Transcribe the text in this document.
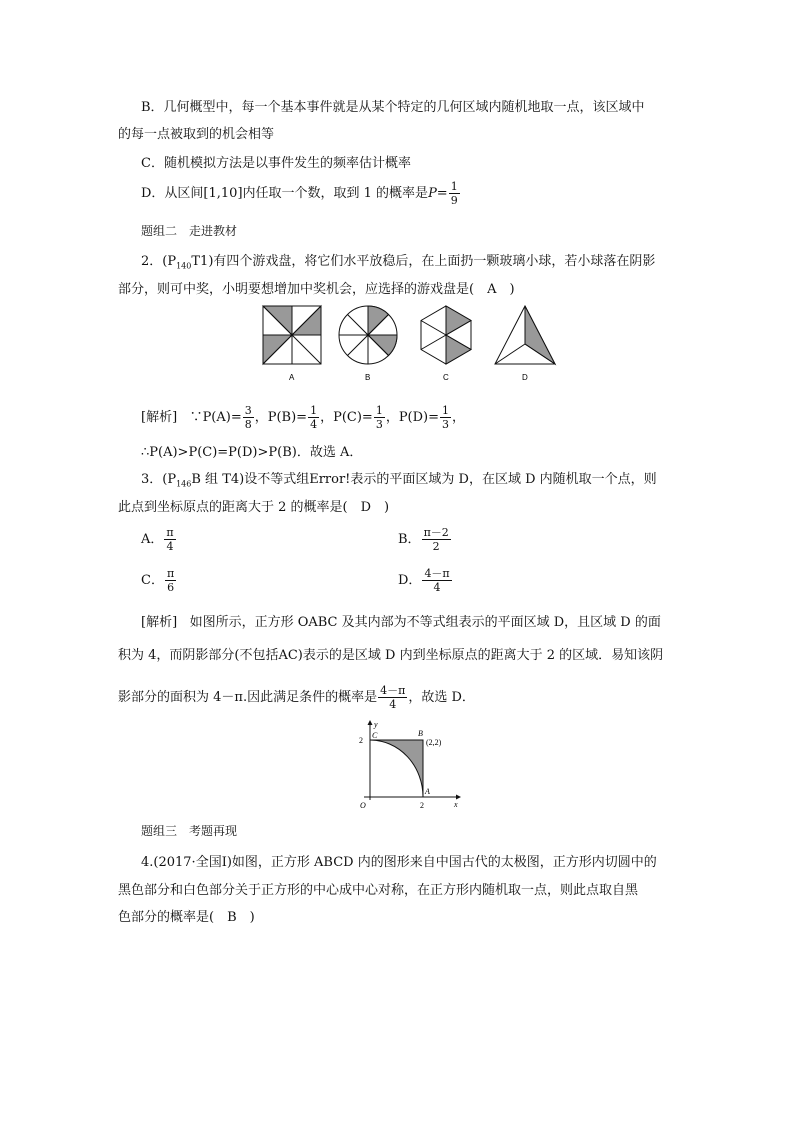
B．几何概型中，每一个基本事件就是从某个特定的几何区域内随机地取一点，该区域中
的每一点被取到的机会相等
C．随机模拟方法是以事件发生的频率估计概率
D．从区间[1,10]内任取一个数，取到 1 的概率是$P= \frac{1}{9}$
题组二　走进教材
2．$(P_{140}T1)$有四个游戏盘，将它们水平放稳后，在上面扔一颗玻璃小球，若小球落在阴影
部分，则可中奖，小明要想增加中奖机会，应选择的游戏盘是(　A　)
A	B	C	D
[解析] ∵P(A)= $\frac{3}{8}$ ，$P(B)= \frac{1}{4}$ ，$P(C)= \frac{1}{3}$ ，$P(D)= \frac{1}{3}$ ，
∴P(A)>P(C)=P(D)>P(B)．故选 A．
3．($P_{146}B$ 组 T4)设不等式组Error!表示的平面区域为 D，在区域 D 内随机取一个点，则
此点到坐标原点的距离大于 2 的概率是(　D　)
A． $\frac{\pi}{4}$	B． $\frac{\pi-2}{2}$
C． $\frac{\pi}{6}$	D． $\frac{4-\pi}{4}$
[解析] 如图所示，正方形 OABC 及其内部为不等式组表示的平面区域 D，且区域 D 的面
积为 4，而阴影部分(不包括AC)表示的是区域 D 内到坐标原点的距离大于 2 的区域．易知该阴
影部分的面积为 4－π.因此满足条件的概率是 $\frac{4-\pi}{4}$ ，故选 D．
y
x
O
2
2
C	B
(2,2)
A
题组三　考题再现
4.(2017·全国Ⅰ)如图，正方形 ABCD 内的图形来自中国古代的太极图，正方形内切圆中的
黑色部分和白色部分关于正方形的中心成中心对称，在正方形内随机取一点，则此点取自黑
色部分的概率是(　B　)
